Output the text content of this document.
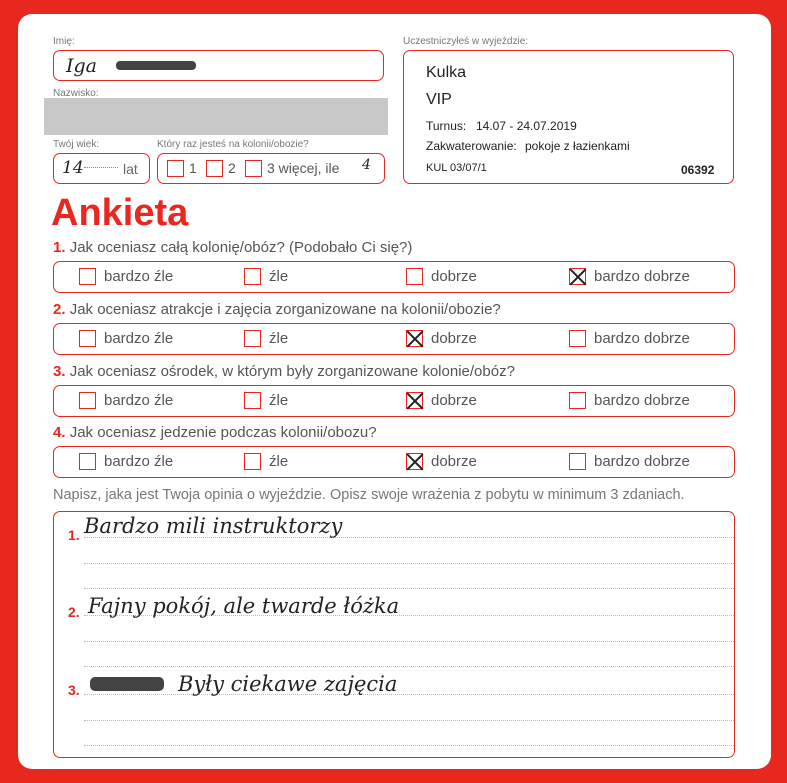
Imię:
Iga
Nazwisko:
Twój wiek:
14	lat
Który raz jesteś na kolonii/obozie?
1 2 3 więcej, ile 4
Uczestniczyłeś w wyjeździe:
Kulka
VIP
Turnus: 14.07 - 24.07.2019
Zakwaterowanie: pokoje z łazienkami
KUL 03/07/1	06392
Ankieta
1. Jak oceniasz całą kolonię/obóz? (Podobało Ci się?)
bardzo źle	źle	dobrze	bardzo dobrze
2. Jak oceniasz atrakcje i zajęcia zorganizowane na kolonii/obozie?
bardzo źle	źle	dobrze	bardzo dobrze
3. Jak oceniasz ośrodek, w którym były zorganizowane kolonie/obóz?
bardzo źle	źle	dobrze	bardzo dobrze
4. Jak oceniasz jedzenie podczas kolonii/obozu?
bardzo źle	źle	dobrze	bardzo dobrze
Napisz, jaka jest Twoja opinia o wyjeździe. Opisz swoje wrażenia z pobytu w minimum 3 zdaniach.
1. Bardzo mili instruktorzy
2. Fajny pokój, ale twarde łóżka
3.	Były ciekawe zajęcia
